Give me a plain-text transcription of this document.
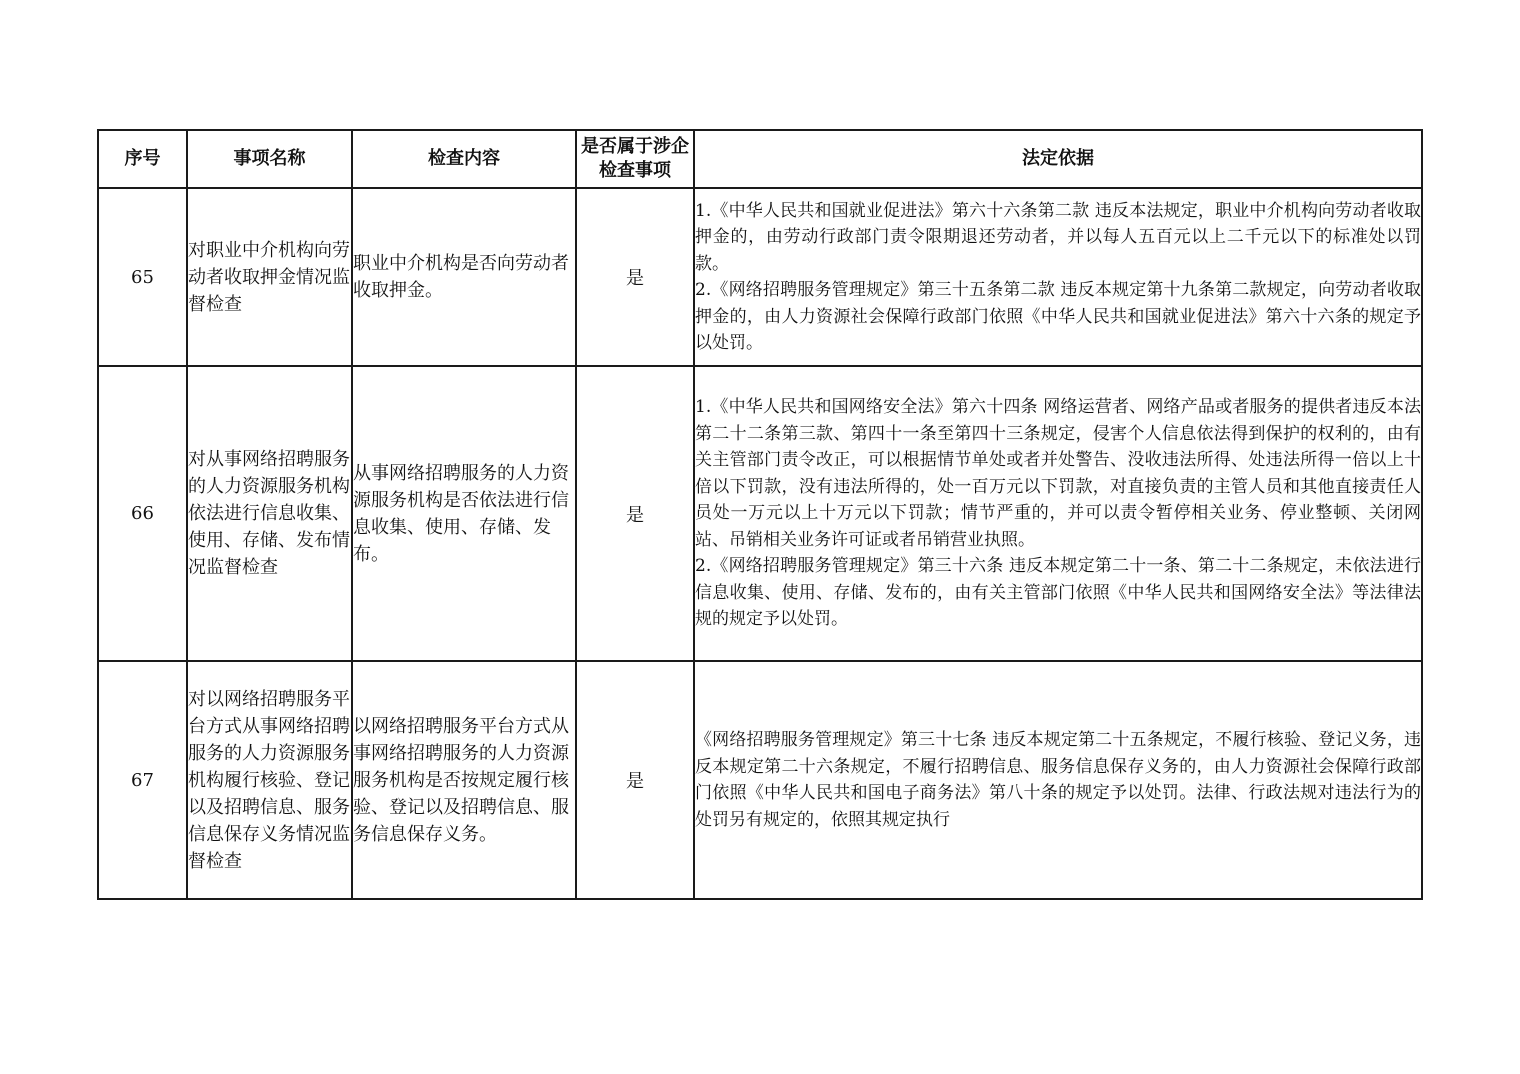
序号	事项名称	检查内容	是否属于涉企检查事项	法定依据
65	对职业中介机构向劳动者收取押金情况监督检查	职业中介机构是否向劳动者收取押金。	是	1.《中华人民共和国就业促进法》第六十六条第二款 违反本法规定，职业中介机构向劳动者收取押金的，由劳动行政部门责令限期退还劳动者，并以每人五百元以上二千元以下的标准处以罚款。

2.《网络招聘服务管理规定》第三十五条第二款 违反本规定第十九条第二款规定，向劳动者收取押金的，由人力资源社会保障行政部门依照《中华人民共和国就业促进法》第六十六条的规定予以处罚。

66	对从事网络招聘服务的人力资源服务机构依法进行信息收集、使用、存储、发布情况监督检查	从事网络招聘服务的人力资源服务机构是否依法进行信息收集、使用、存储、发布。	是	1.《中华人民共和国网络安全法》第六十四条 网络运营者、网络产品或者服务的提供者违反本法第二十二条第三款、第四十一条至第四十三条规定，侵害个人信息依法得到保护的权利的，由有关主管部门责令改正，可以根据情节单处或者并处警告、没收违法所得、处违法所得一倍以上十倍以下罚款，没有违法所得的，处一百万元以下罚款，对直接负责的主管人员和其他直接责任人员处一万元以上十万元以下罚款；情节严重的，并可以责令暂停相关业务、停业整顿、关闭网站、吊销相关业务许可证或者吊销营业执照。

2.《网络招聘服务管理规定》第三十六条 违反本规定第二十一条、第二十二条规定，未依法进行信息收集、使用、存储、发布的，由有关主管部门依照《中华人民共和国网络安全法》等法律法规的规定予以处罚。

67	对以网络招聘服务平台方式从事网络招聘服务的人力资源服务机构履行核验、登记以及招聘信息、服务信息保存义务情况监督检查	以网络招聘服务平台方式从事网络招聘服务的人力资源服务机构是否按规定履行核验、登记以及招聘信息、服务信息保存义务。	是	《网络招聘服务管理规定》第三十七条 违反本规定第二十五条规定，不履行核验、登记义务，违反本规定第二十六条规定，不履行招聘信息、服务信息保存义务的，由人力资源社会保障行政部门依照《中华人民共和国电子商务法》第八十条的规定予以处罚。法律、行政法规对违法行为的处罚另有规定的，依照其规定执行
